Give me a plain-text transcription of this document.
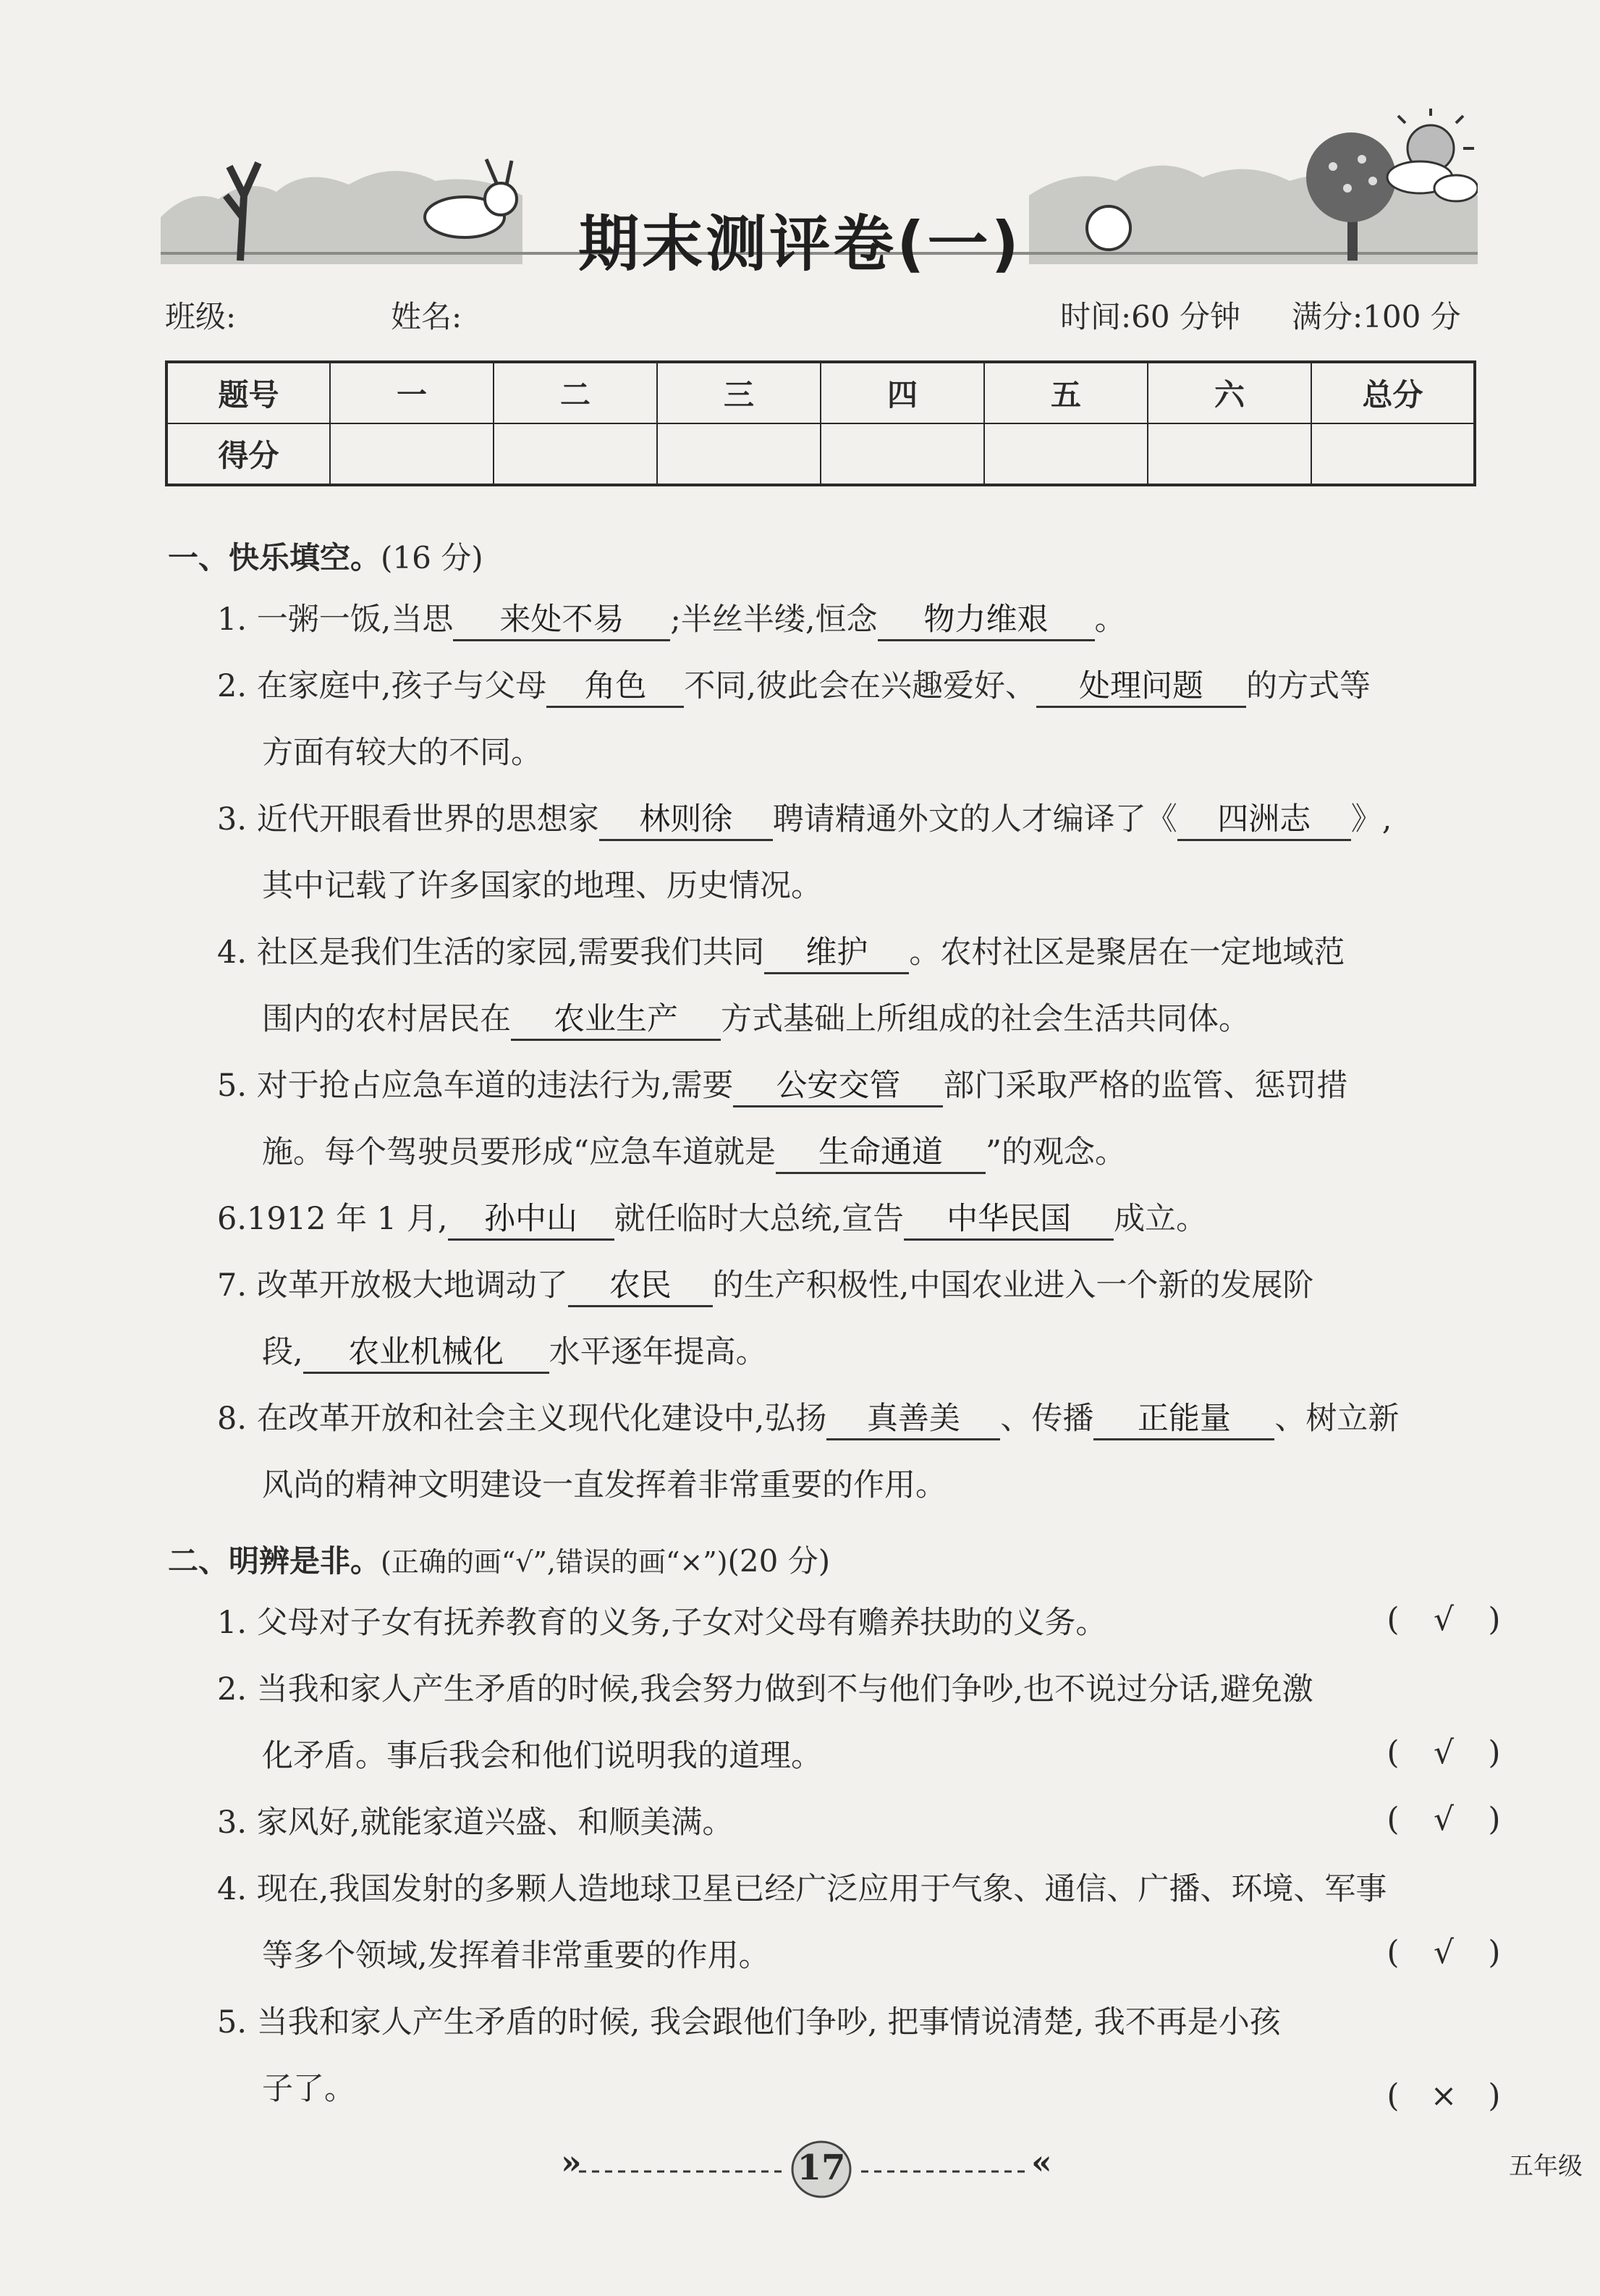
期末测评卷(一)
班级:	姓名:	时间:60 分钟 满分:100 分
题号	一	二	三	四	五	六	总分
得分							
一、快乐填空。(16 分)
1. 一粥一饭,当思 来处不易 ;半丝半缕,恒念 物力维艰 。
2. 在家庭中,孩子与父母 角色 不同,彼此会在兴趣爱好、 处理问题 的方式等
方面有较大的不同。
3. 近代开眼看世界的思想家 林则徐 聘请精通外文的人才编译了《 四洲志 》,
其中记载了许多国家的地理、历史情况。
4. 社区是我们生活的家园,需要我们共同 维护 。农村社区是聚居在一定地域范
围内的农村居民在 农业生产 方式基础上所组成的社会生活共同体。
5. 对于抢占应急车道的违法行为,需要 公安交管 部门采取严格的监管、惩罚措
施。每个驾驶员要形成“应急车道就是 生命通道 ”的观念。
6.1912 年 1 月, 孙中山 就任临时大总统,宣告 中华民国 成立。
7. 改革开放极大地调动了 农民 的生产积极性,中国农业进入一个新的发展阶
段, 农业机械化 水平逐年提高。
8. 在改革开放和社会主义现代化建设中,弘扬 真善美 、传播 正能量 、树立新
风尚的精神文明建设一直发挥着非常重要的作用。
二、明辨是非。(正确的画“√”,错误的画“×”)(20 分)
1. 父母对子女有抚养教育的义务,子女对父母有赡养扶助的义务。	( √ )
2. 当我和家人产生矛盾的时候,我会努力做到不与他们争吵,也不说过分话,避免激
化矛盾。事后我会和他们说明我的道理。	( √ )
3. 家风好,就能家道兴盛、和顺美满。	( √ )
4. 现在,我国发射的多颗人造地球卫星已经广泛应用于气象、通信、广播、环境、军事
等多个领域,发挥着非常重要的作用。	( √ )
5. 当我和家人产生矛盾的时候, 我会跟他们争吵, 把事情说清楚, 我不再是小孩
子了。	( × )
»	«
17	五年级
